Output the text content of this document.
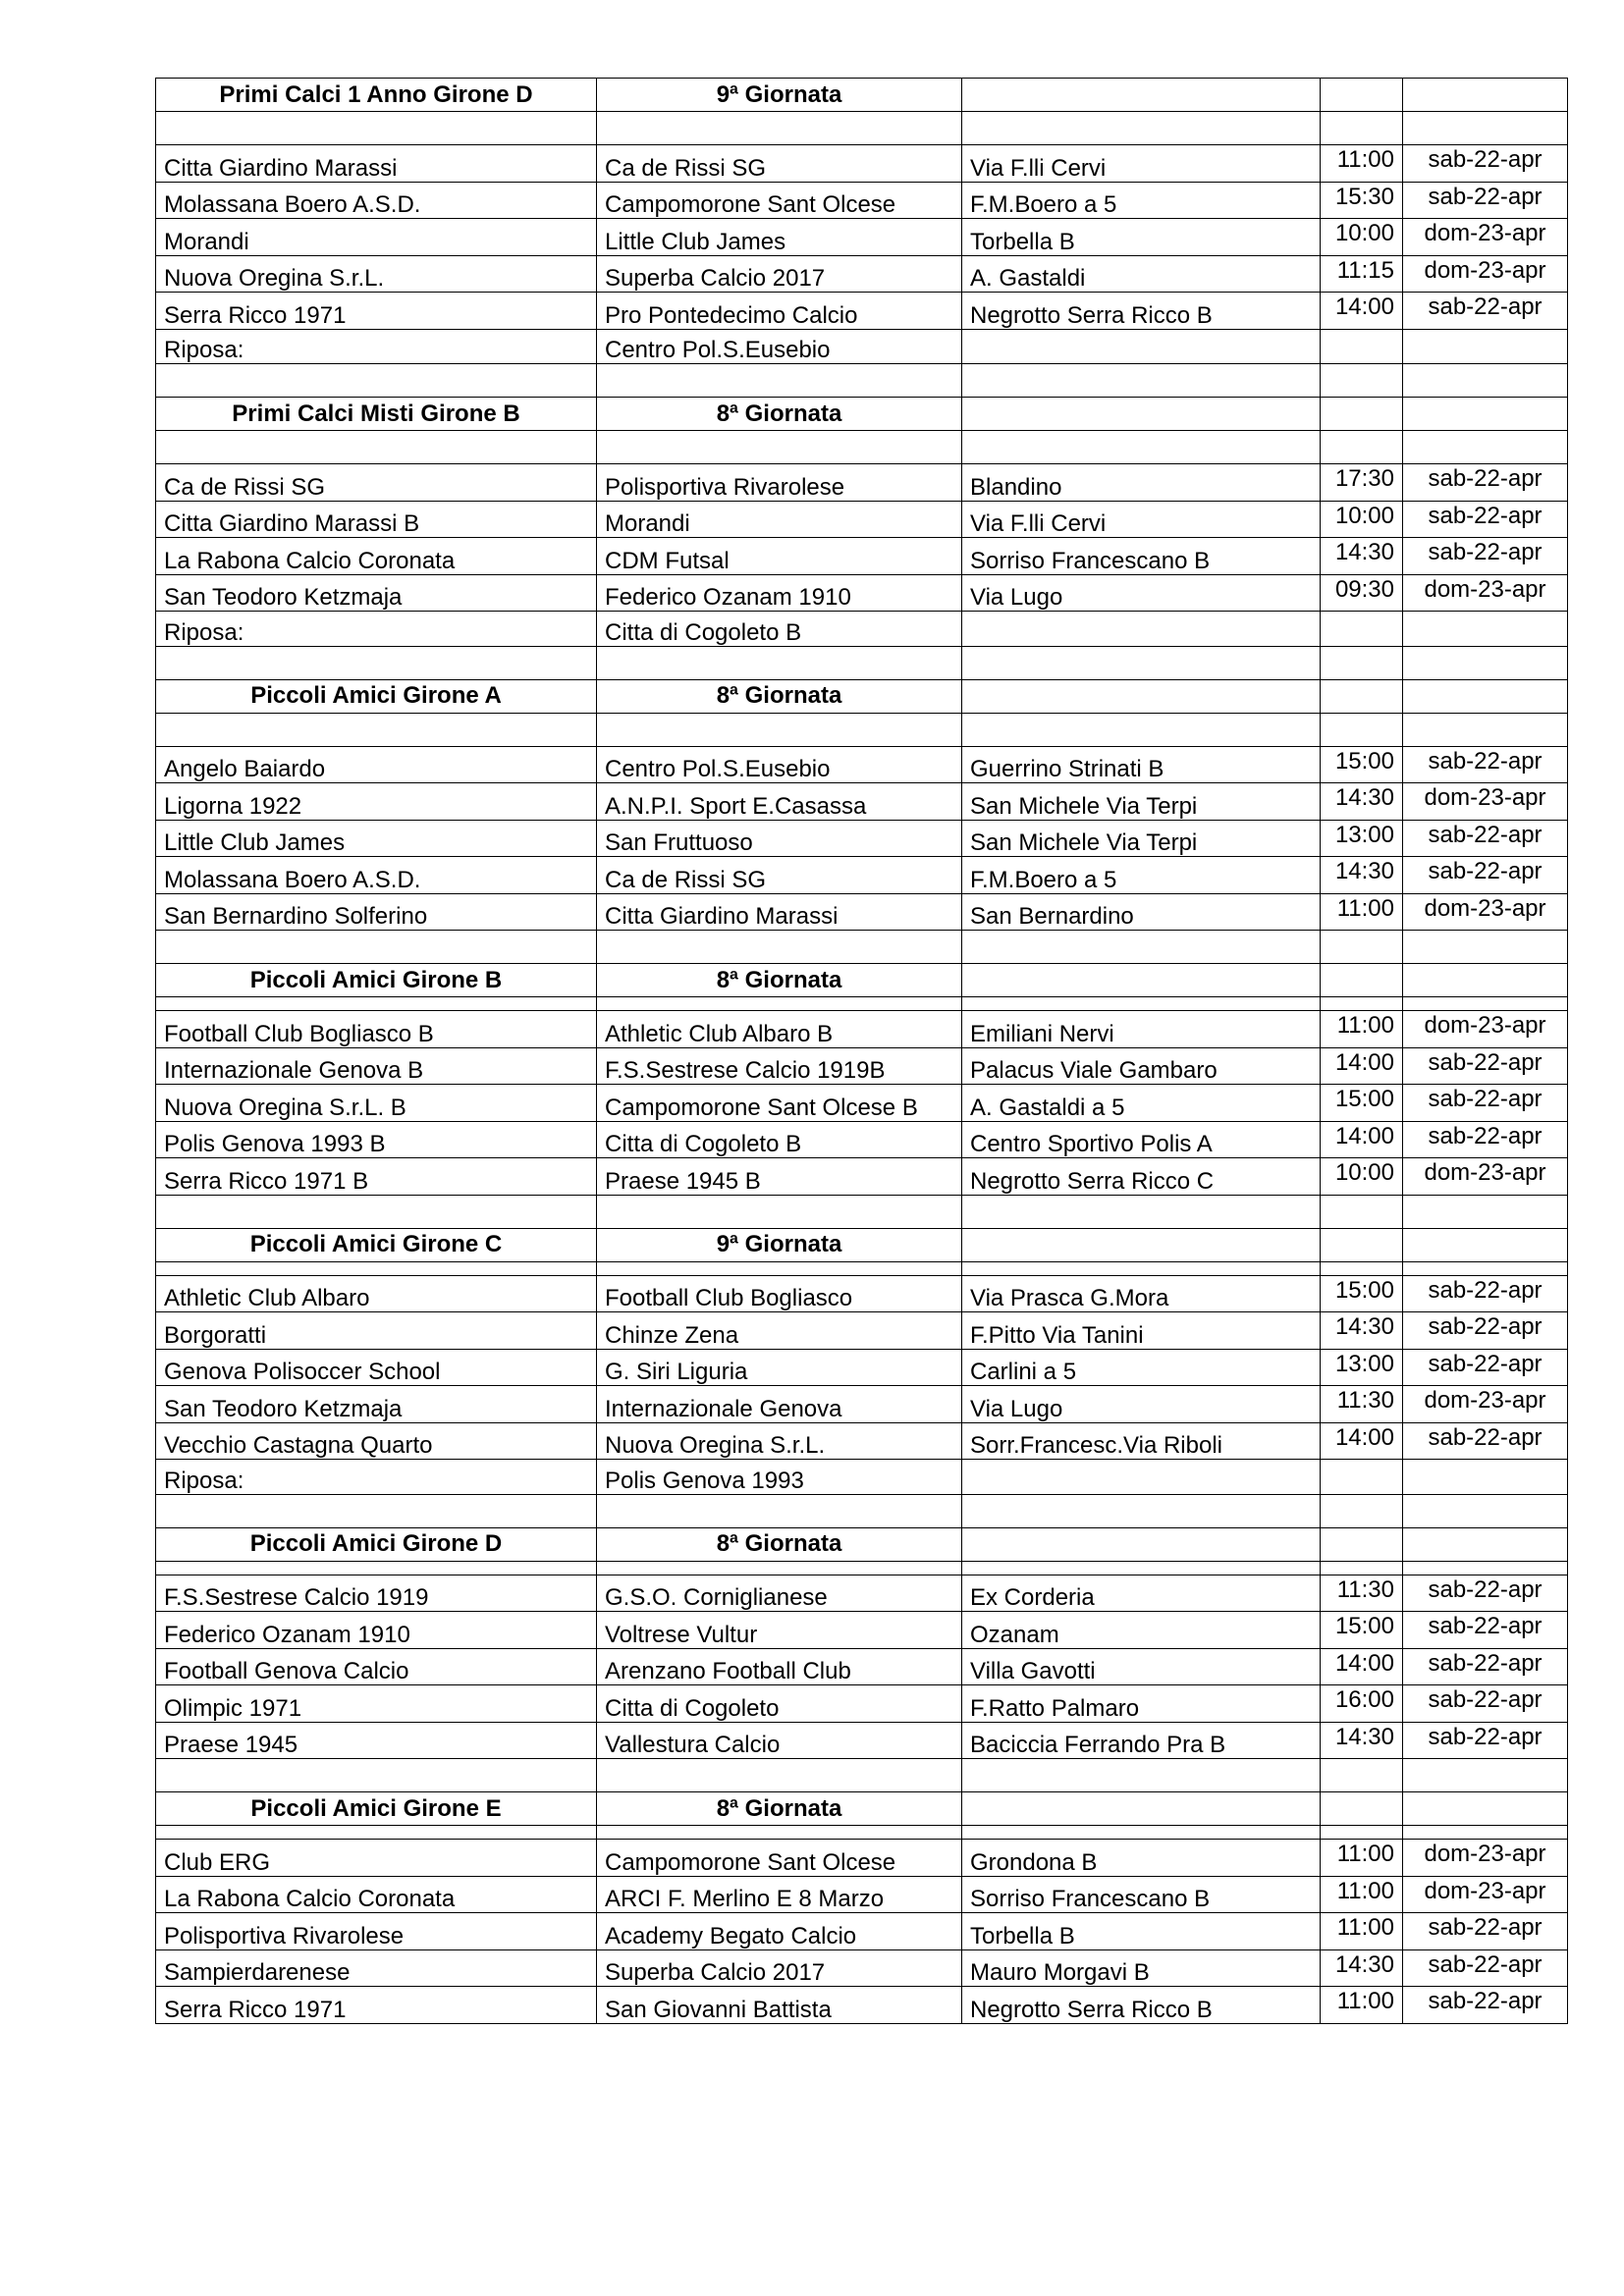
Primi Calci 1 Anno Girone D	9ª Giornata			

Citta Giardino Marassi	Ca de Rissi SG	Via F.lli Cervi	11:00	sab-22-apr
Molassana Boero A.S.D.	Campomorone Sant Olcese	F.M.Boero a 5	15:30	sab-22-apr
Morandi	Little Club James	Torbella B	10:00	dom-23-apr
Nuova Oregina S.r.L.	Superba Calcio 2017	A. Gastaldi	11:15	dom-23-apr
Serra Ricco 1971	Pro Pontedecimo Calcio	Negrotto Serra Ricco B	14:00	sab-22-apr
Riposa:	Centro Pol.S.Eusebio			

Primi Calci Misti Girone B	8ª Giornata			

Ca de Rissi SG	Polisportiva Rivarolese	Blandino	17:30	sab-22-apr
Citta Giardino Marassi B	Morandi	Via F.lli Cervi	10:00	sab-22-apr
La Rabona Calcio Coronata	CDM Futsal	Sorriso Francescano B	14:30	sab-22-apr
San Teodoro Ketzmaja	Federico Ozanam 1910	Via Lugo	09:30	dom-23-apr
Riposa:	Citta di Cogoleto B			

Piccoli Amici Girone A	8ª Giornata			

Angelo Baiardo	Centro Pol.S.Eusebio	Guerrino Strinati B	15:00	sab-22-apr
Ligorna 1922	A.N.P.I. Sport E.Casassa	San Michele Via Terpi	14:30	dom-23-apr
Little Club James	San Fruttuoso	San Michele Via Terpi	13:00	sab-22-apr
Molassana Boero A.S.D.	Ca de Rissi SG	F.M.Boero a 5	14:30	sab-22-apr
San Bernardino Solferino	Citta Giardino Marassi	San Bernardino	11:00	dom-23-apr

Piccoli Amici Girone B	8ª Giornata			

Football Club Bogliasco B	Athletic Club Albaro B	Emiliani Nervi	11:00	dom-23-apr
Internazionale Genova B	F.S.Sestrese Calcio 1919B	Palacus Viale Gambaro	14:00	sab-22-apr
Nuova Oregina S.r.L. B	Campomorone Sant Olcese B	A. Gastaldi a 5	15:00	sab-22-apr
Polis Genova 1993 B	Citta di Cogoleto B	Centro Sportivo Polis A	14:00	sab-22-apr
Serra Ricco 1971 B	Praese 1945 B	Negrotto Serra Ricco C	10:00	dom-23-apr

Piccoli Amici Girone C	9ª Giornata			

Athletic Club Albaro	Football Club Bogliasco	Via Prasca G.Mora	15:00	sab-22-apr
Borgoratti	Chinze Zena	F.Pitto Via Tanini	14:30	sab-22-apr
Genova Polisoccer School	G. Siri Liguria	Carlini a 5	13:00	sab-22-apr
San Teodoro Ketzmaja	Internazionale Genova	Via Lugo	11:30	dom-23-apr
Vecchio Castagna Quarto	Nuova Oregina S.r.L.	Sorr.Francesc.Via Riboli	14:00	sab-22-apr
Riposa:	Polis Genova 1993			

Piccoli Amici Girone D	8ª Giornata			

F.S.Sestrese Calcio 1919	G.S.O. Corniglianese	Ex Corderia	11:30	sab-22-apr
Federico Ozanam 1910	Voltrese Vultur	Ozanam	15:00	sab-22-apr
Football Genova Calcio	Arenzano Football Club	Villa Gavotti	14:00	sab-22-apr
Olimpic 1971	Citta di Cogoleto	F.Ratto Palmaro	16:00	sab-22-apr
Praese 1945	Vallestura Calcio	Baciccia Ferrando Pra B	14:30	sab-22-apr

Piccoli Amici Girone E	8ª Giornata			

Club ERG	Campomorone Sant Olcese	Grondona B	11:00	dom-23-apr
La Rabona Calcio Coronata	ARCI F. Merlino E 8 Marzo	Sorriso Francescano B	11:00	dom-23-apr
Polisportiva Rivarolese	Academy Begato Calcio	Torbella B	11:00	sab-22-apr
Sampierdarenese	Superba Calcio 2017	Mauro Morgavi B	14:30	sab-22-apr
Serra Ricco 1971	San Giovanni Battista	Negrotto Serra Ricco B	11:00	sab-22-apr
